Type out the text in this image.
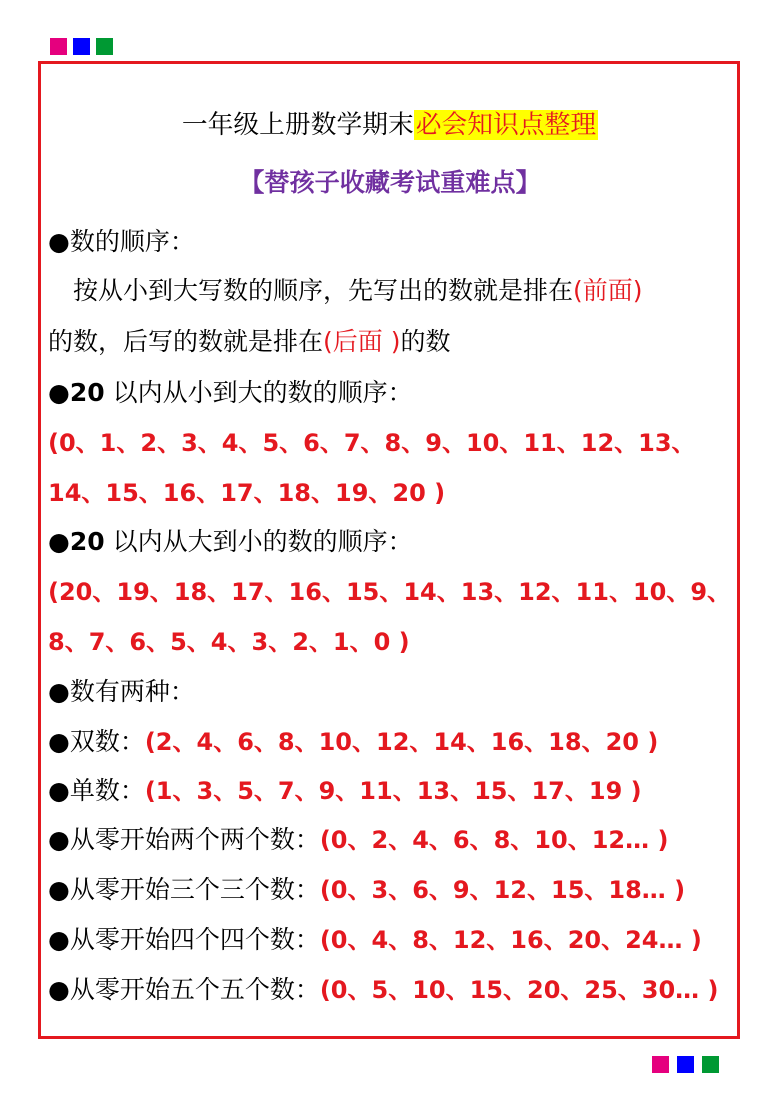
一年级上册数学期末必会知识点整理
【替孩子收藏考试重难点】
●数的顺序：
　按从小到大写数的顺序，先写出的数就是排在(前面)
的数，后写的数就是排在(后面 )的数
●20 以内从小到大的数的顺序：
(0、1、2、3、4、5、6、7、8、9、10、11、12、13、
14、15、16、17、18、19、20 )
●20 以内从大到小的数的顺序：
(20、19、18、17、16、15、14、13、12、11、10、9、
8、7、6、5、4、3、2、1、0 )
●数有两种：
●双数：(2、4、6、8、10、12、14、16、18、20 )
●单数：(1、3、5、7、9、11、13、15、17、19 )
●从零开始两个两个数：(0、2、4、6、8、10、12… )
●从零开始三个三个数：(0、3、6、9、12、15、18… )
●从零开始四个四个数：(0、4、8、12、16、20、24… )
●从零开始五个五个数：(0、5、10、15、20、25、30… )
